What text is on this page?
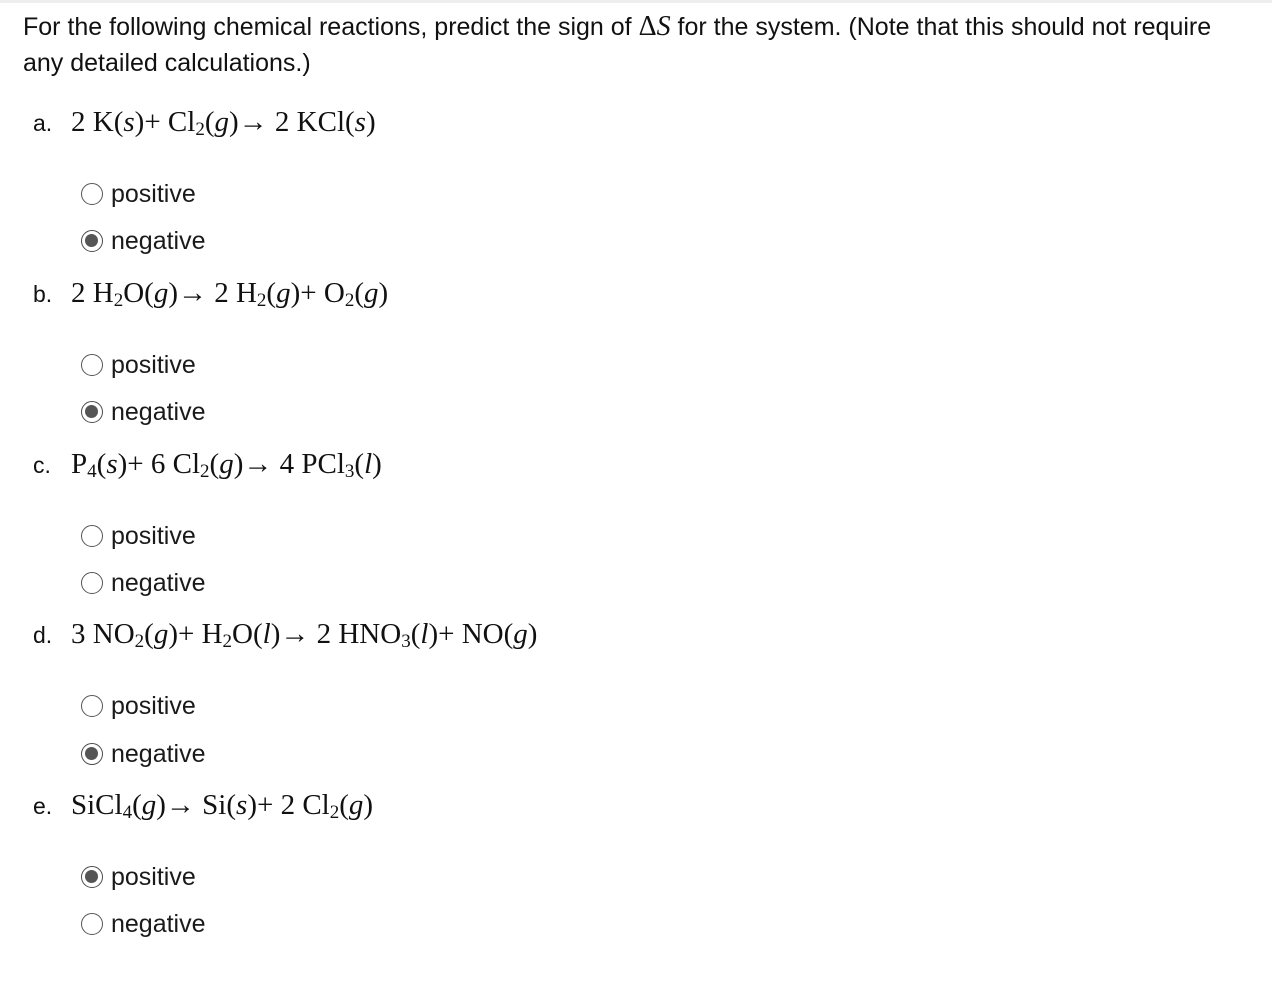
For the following chemical reactions, predict the sign of ΔS for the system. (Note that this should not require any detailed calculations.)

a. 2 $K(s)+ Cl_2(g)\to 2$ KCl(s)
positive
negative
b. 2 $H_2O(g)\to 2$ $H_2(g)+ O_2(g)$
positive
negative
c. $P_4(s)+ 6$ $Cl_2(g)\to 4$ PCl$_3$(l)
positive
negative
d. 3 $NO_2(g)+ H_2O(l)\to 2$ $HNO_3(l)+ NO(g)$
positive
negative
e. SiCl$_4$(g)→ Si(s)+ 2 $Cl_2(g)$
positive
negative
